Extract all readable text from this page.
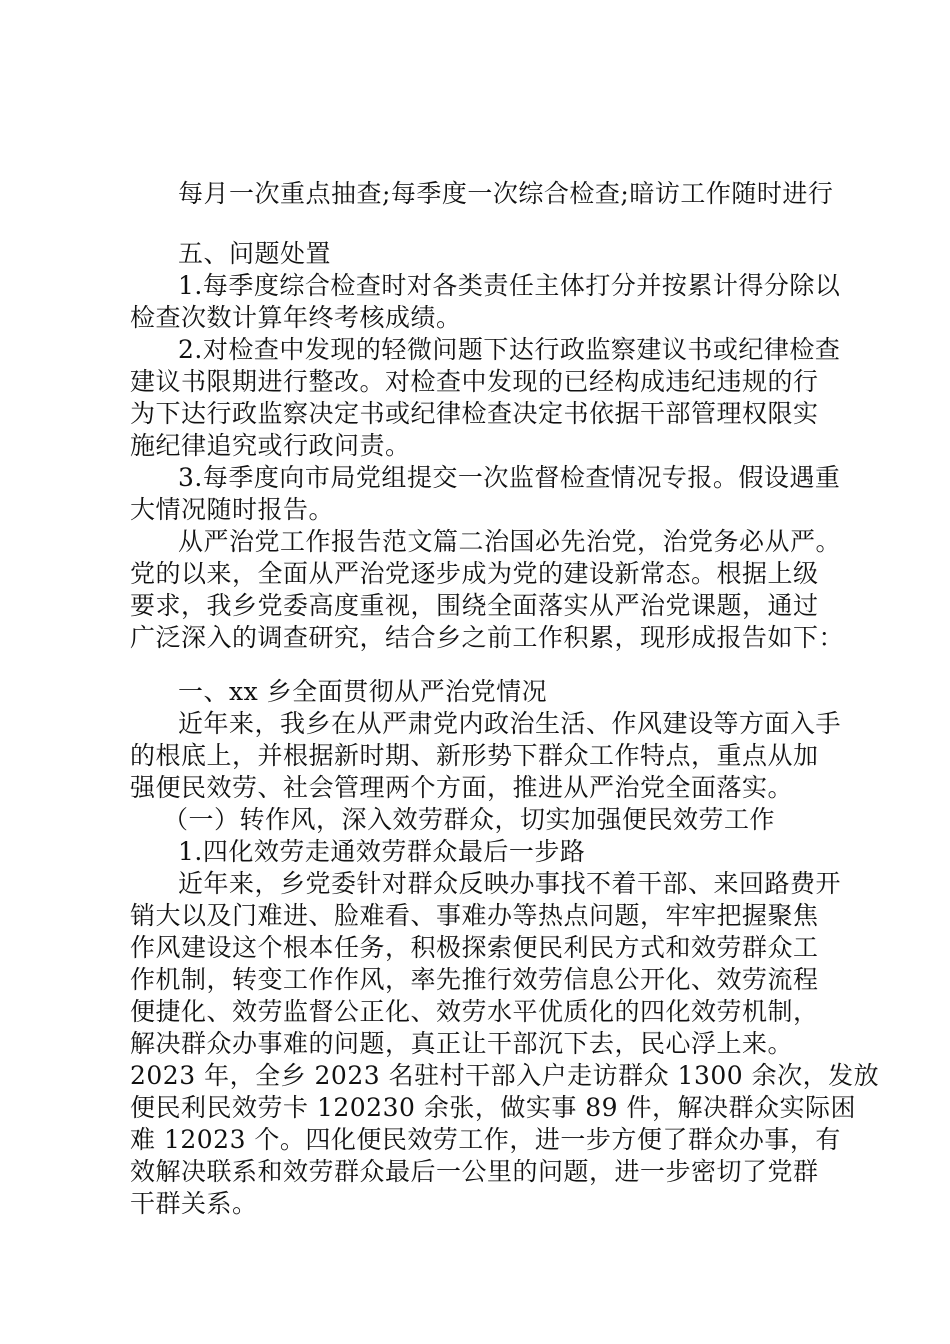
每月一次重点抽查;每季度一次综合检查;暗访工作随时进行
五、问题处置
1.每季度综合检查时对各类责任主体打分并按累计得分除以
检查次数计算年终考核成绩。
2.对检查中发现的轻微问题下达行政监察建议书或纪律检查
建议书限期进行整改。对检查中发现的已经构成违纪违规的行
为下达行政监察决定书或纪律检查决定书依据干部管理权限实
施纪律追究或行政问责。
3.每季度向市局党组提交一次监督检查情况专报。假设遇重
大情况随时报告。
从严治党工作报告范文篇二治国必先治党，治党务必从严。
党的以来，全面从严治党逐步成为党的建设新常态。根据上级
要求，我乡党委高度重视，围绕全面落实从严治党课题，通过
广泛深入的调查研究，结合乡之前工作积累，现形成报告如下：
一、xx 乡全面贯彻从严治党情况
近年来，我乡在从严肃党内政治生活、作风建设等方面入手
的根底上，并根据新时期、新形势下群众工作特点，重点从加
强便民效劳、社会管理两个方面，推进从严治党全面落实。
（一）转作风，深入效劳群众，切实加强便民效劳工作
1.四化效劳走通效劳群众最后一步路
近年来，乡党委针对群众反映办事找不着干部、来回路费开
销大以及门难进、脸难看、事难办等热点问题，牢牢把握聚焦
作风建设这个根本任务，积极探索便民利民方式和效劳群众工
作机制，转变工作作风，率先推行效劳信息公开化、效劳流程
便捷化、效劳监督公正化、效劳水平优质化的四化效劳机制，
解决群众办事难的问题，真正让干部沉下去，民心浮上来。
2023 年，全乡 2023 名驻村干部入户走访群众 1300 余次，发放
便民利民效劳卡 120230 余张，做实事 89 件，解决群众实际困
难 12023 个。四化便民效劳工作，进一步方便了群众办事，有
效解决联系和效劳群众最后一公里的问题，进一步密切了党群
干群关系。
